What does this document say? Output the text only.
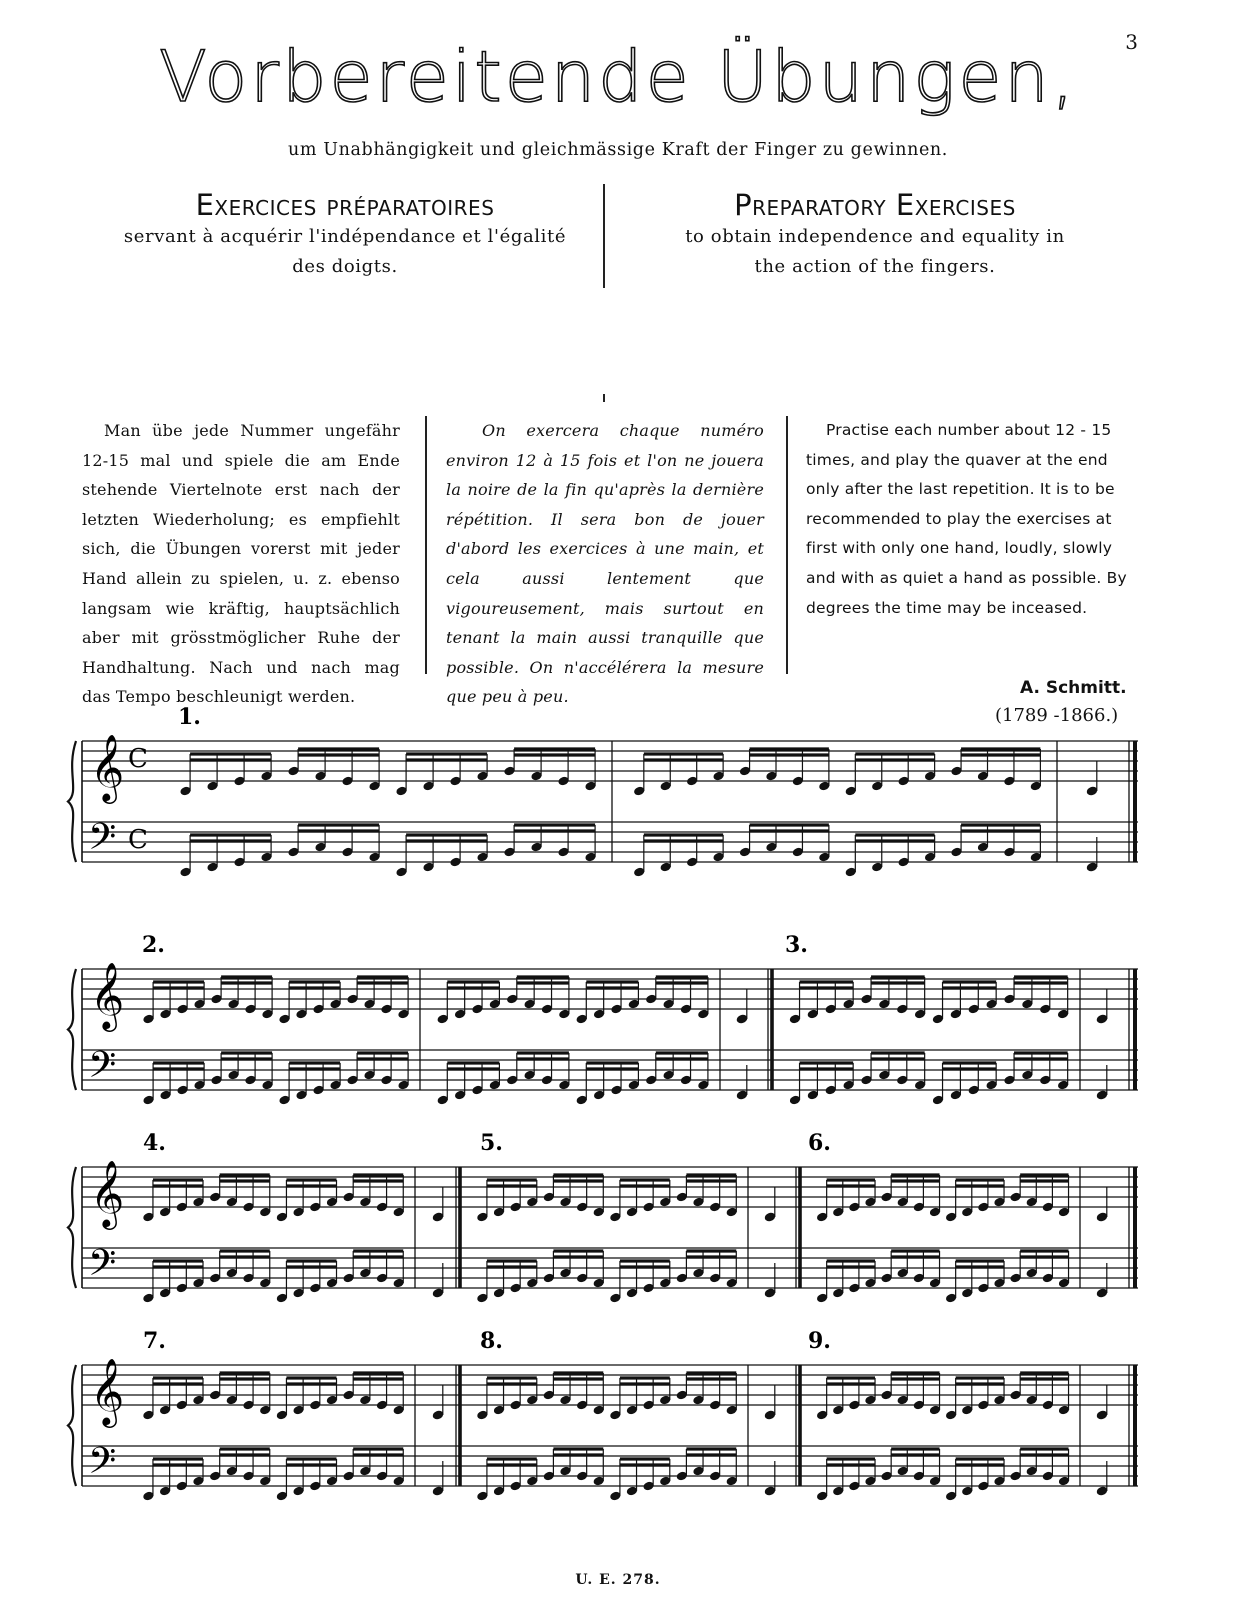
3
Vorbereitende Übungen,
um Unabhängigkeit und gleichmässige Kraft der Finger zu gewinnen.
Exercices préparatoires
servant à acquérir l'indépendance et l'égalité
des doigts.
Preparatory Exercises
to obtain independence and equality in
the action of the fingers.
Man übe jede Nummer ungefähr 12-15 mal und spiele die am Ende stehende Viertelnote erst nach der letzten Wiederholung; es empfiehlt sich, die Übungen vorerst mit jeder Hand allein zu spielen, u. z. ebenso langsam wie kräftig, hauptsächlich aber mit grösstmöglicher Ruhe der Handhaltung. Nach und nach mag das Tempo beschleunigt werden.
On exercera chaque numéro environ 12 à 15 fois et l'on ne jouera la noire de la fin qu'après la dernière répétition. Il sera bon de jouer d'abord les exercices à une main, et cela aussi lentement que vigoureusement, mais surtout en tenant la main aussi tranquille que possible. On n'accélérera la mesure que peu à peu.
Practise each number about 12 - 15 times, and play the quaver at the end only after the last repetition. It is to be recommended to play the exercises at first with only one hand, loudly, slowly and with as quiet a hand as possible. By degrees the time may be inceased.
A. Schmitt.
(1789 -1866.)
𝄞
𝄢
C
C
𝄞
𝄢
𝄞
𝄢
𝄞
𝄢
1.
2.	3.
4.	5.	6.
7.	8.	9.
U. E. 278.
